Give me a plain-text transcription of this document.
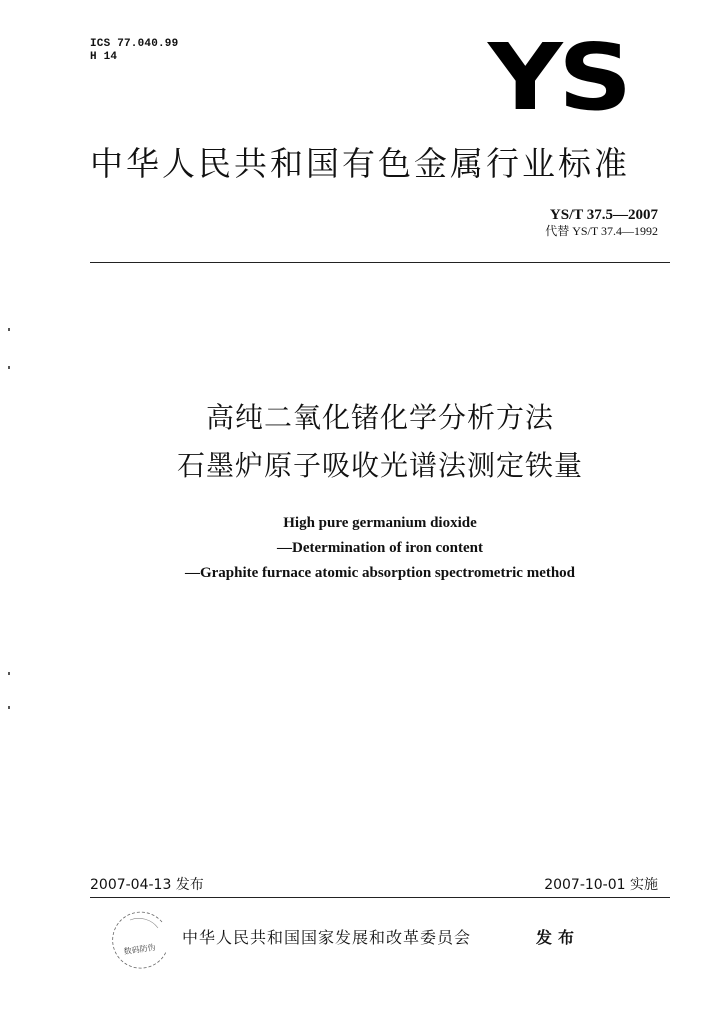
ICS 77.040.99
H 14	YS
中华人民共和国有色金属行业标准
YS/T 37.5—2007
代替 YS/T 37.4—1992
高纯二氧化锗化学分析方法
石墨炉原子吸收光谱法测定铁量
High pure germanium dioxide
—Determination of iron content
—Graphite furnace atomic absorption spectrometric method
2007-04-13 发布	2007-10-01 实施
数码防伪
中华人民共和国国家发展和改革委员会	发布
